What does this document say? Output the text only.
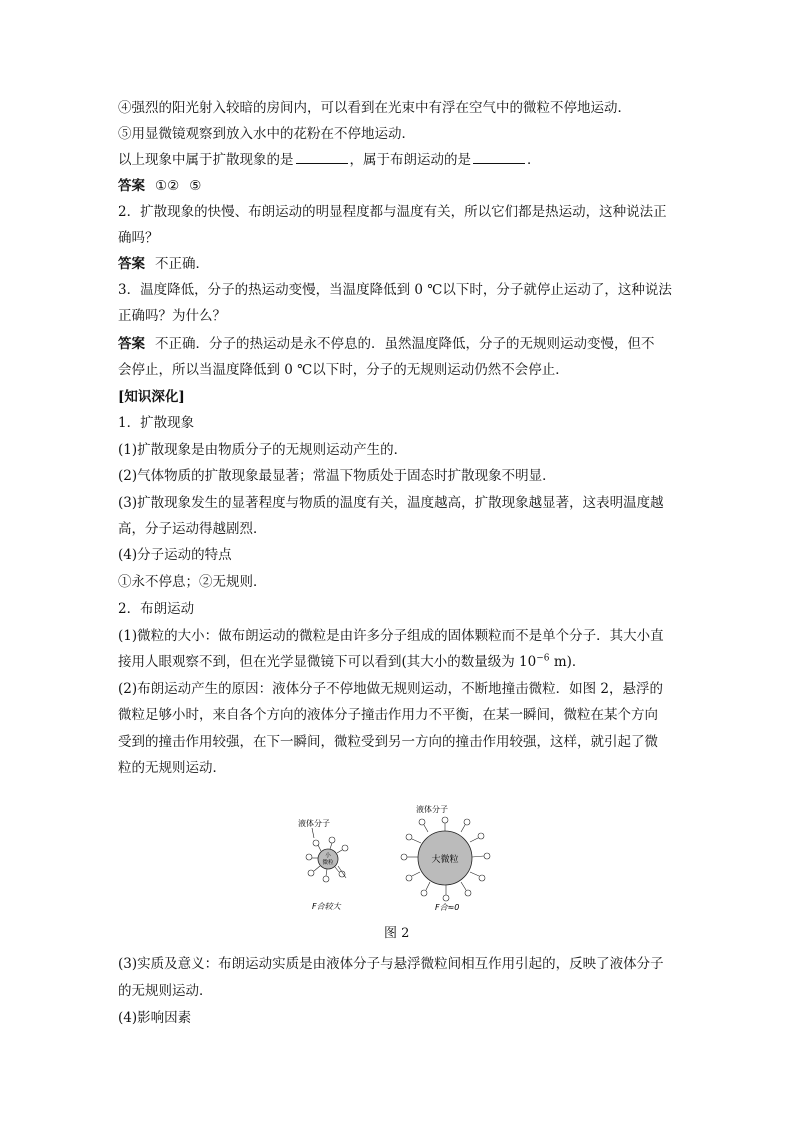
④强烈的阳光射入较暗的房间内，可以看到在光束中有浮在空气中的微粒不停地运动．
⑤用显微镜观察到放入水中的花粉在不停地运动．
以上现象中属于扩散现象的是	，属于布朗运动的是	．
答案 ①② ⑤
2．扩散现象的快慢、布朗运动的明显程度都与温度有关，所以它们都是热运动，这种说法正
确吗？
答案 不正确．
3．温度降低，分子的热运动变慢，当温度降低到 0 ℃以下时，分子就停止运动了，这种说法
正确吗？为什么？
答案 不正确．分子的热运动是永不停息的．虽然温度降低，分子的无规则运动变慢，但不
会停止，所以当温度降低到 0 ℃以下时，分子的无规则运动仍然不会停止．
[知识深化]
1．扩散现象
(1)扩散现象是由物质分子的无规则运动产生的．
(2)气体物质的扩散现象最显著；常温下物质处于固态时扩散现象不明显．
(3)扩散现象发生的显著程度与物质的温度有关，温度越高，扩散现象越显著，这表明温度越
高，分子运动得越剧烈．
(4)分子运动的特点
①永不停息；②无规则．
2．布朗运动
(1)微粒的大小：做布朗运动的微粒是由许多分子组成的固体颗粒而不是单个分子．其大小直
接用人眼观察不到，但在光学显微镜下可以看到(其大小的数量级为 $10^{-6}$ m)．
(2)布朗运动产生的原因：液体分子不停地做无规则运动，不断地撞击微粒．如图 2，悬浮的
微粒足够小时，来自各个方向的液体分子撞击作用力不平衡，在某一瞬间，微粒在某个方向
受到的撞击作用较强，在下一瞬间，微粒受到另一方向的撞击作用较强，这样，就引起了微
粒的无规则运动．
液体分子
小
微粒
F合较大
液体分子
大微粒
F合≈0
图 2
(3)实质及意义：布朗运动实质是由液体分子与悬浮微粒间相互作用引起的，反映了液体分子
的无规则运动．
(4)影响因素
